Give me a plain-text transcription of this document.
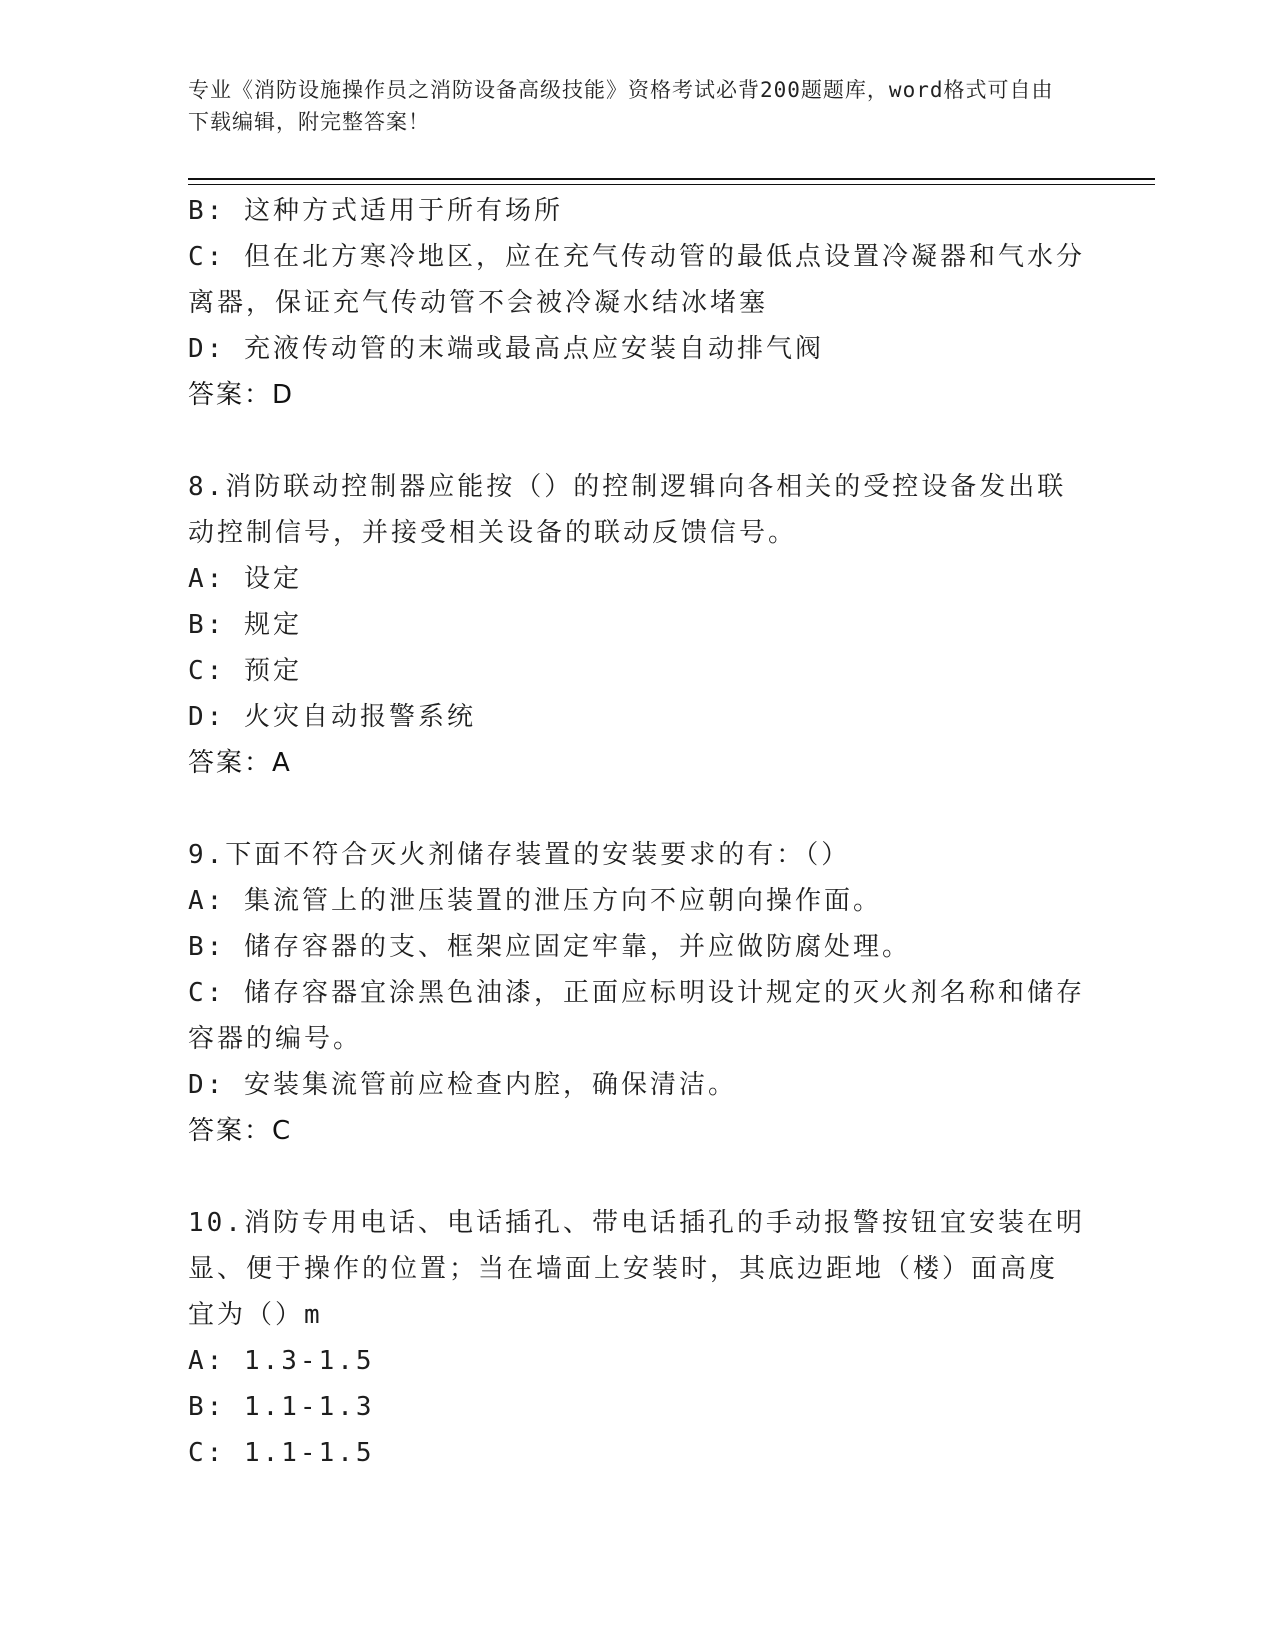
专业《消防设施操作员之消防设备高级技能》资格考试必背200题题库，word格式可自由下载编辑，附完整答案！
B: 这种方式适用于所有场所
C: 但在北方寒冷地区，应在充气传动管的最低点设置冷凝器和气水分
离器，保证充气传动管不会被冷凝水结冰堵塞
D: 充液传动管的末端或最高点应安装自动排气阀
答案：D
8.消防联动控制器应能按（）的控制逻辑向各相关的受控设备发出联
动控制信号，并接受相关设备的联动反馈信号。
A: 设定
B: 规定
C: 预定
D: 火灾自动报警系统
答案：A
9.下面不符合灭火剂储存装置的安装要求的有：（）
A: 集流管上的泄压装置的泄压方向不应朝向操作面。
B: 储存容器的支、框架应固定牢靠，并应做防腐处理。
C: 储存容器宜涂黑色油漆，正面应标明设计规定的灭火剂名称和储存
容器的编号。
D: 安装集流管前应检查内腔，确保清洁。
答案：C
10.消防专用电话、电话插孔、带电话插孔的手动报警按钮宜安装在明
显、便于操作的位置；当在墙面上安装时，其底边距地（楼）面高度
宜为（）m
A: 1.3-1.5
B: 1.1-1.3
C: 1.1-1.5
